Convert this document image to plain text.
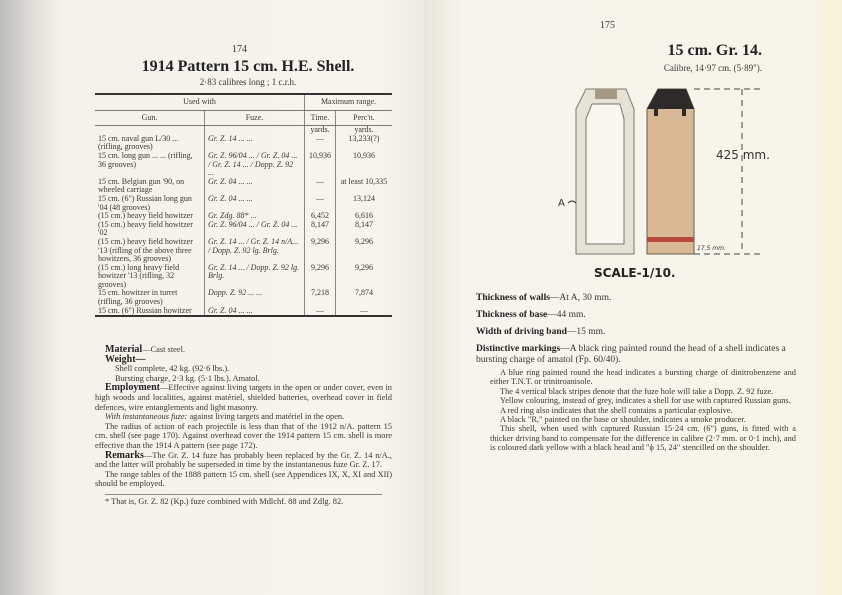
174
1914 Pattern 15 cm. H.E. Shell.
2·83 calibres long ; 1 c.r.h.
Used with		Maximum range.	
Gun.	Fuze.	Time.	Perc'n.
		yards.	yards.
15 cm. naval gun L/30 ... (rifling, grooves)	Gr. Z. 14 ... ...	—	13,233(?)
15 cm. long gun ... ... (rifling, 36 grooves)	Gr. Z. 96/04 ... / Gr. Z. 04 ... / Gr. Z. 14 ... / Dopp. Z. 92 ...	10,936	10,936
15 cm. Belgian gun '90, on wheeled carriage	Gr. Z. 04 ... ...	—	at least 10,335
15 cm. (6") Russian long gun '04 (48 grooves)	Gr. Z. 04 ... ...	—	13,124
(15 cm.) heavy field howitzer	Gr. Zdg. 88* ...	6,452	6,616
(15 cm.) heavy field howitzer '02	Gr. Z. 96/04 ... / Gr. Z. 04 ...	8,147	8,147
(15 cm.) heavy field howitzer '13 (rifling of the above three howitzers, 36 grooves)	Gr. Z. 14 ... / Gr. Z. 14 n/A... / Dopp. Z. 92 lg. Brlg.	9,296	9,296
(15 cm.) long heavy field howitzer '13 (rifling, 32 grooves)	Gr. Z. 14 ... / Dopp. Z. 92 lg. Brlg.	9,296	9,296
15 cm. howitzer in turret (rifling, 36 grooves)	Dopp. Z. 92 ... ...	7,218	7,874
15 cm. (6") Russian howitzer	Gr. Z. 04 ... ...	—	—

Material—Cast steel.

Weight—

Shell complete, 42 kg. (92·6 lbs.).

Bursting charge, 2·3 kg. (5·1 lbs.). Amatol.

Employment—Effective against living targets in the open or under cover, even in high woods and localities, against matériel, shielded batteries, overhead cover in field defences, wire entanglements and light masonry.

With instantaneous fuze: against living targets and matériel in the open.

The radius of action of each projectile is less than that of the 1912 n/A. pattern 15 cm. shell (see page 170). Against overhead cover the 1914 pattern 15 cm. shell is more effective than the 1914 A pattern (see page 172).

Remarks—The Gr. Z. 14 fuze has probably been replaced by the Gr. Z. 14 n/A., and the latter will probably be superseded in time by the instantaneous fuze Gr. Z. 17.

The range tables of the 1888 pattern 15 cm. shell (see Appendices IX, X, XI and XII) should be employed.

* That is, Gr. Z. 82 (Kp.) fuze combined with Mdlchf. 88 and Zdlg. 82.

175
15 cm. Gr. 14.
Calibre, 14·97 cm. (5·89").
425 mm.
17.5 mm.
A
SCALE-1/10.

Thickness of walls—At A, 30 mm.

Thickness of base—44 mm.

Width of driving band—15 mm.

Distinctive markings—A black ring painted round the head of a shell indicates a bursting charge of amatol (Fp. 60/40).

A blue ring painted round the head indicates a bursting charge of dinitrobenzene and either T.N.T. or trinitroanisole.

The 4 vertical black stripes denote that the fuze hole will take a Dopp. Z. 92 fuze.

Yellow colouring, instead of grey, indicates a shell for use with captured Russian guns.

A red ring also indicates that the shell contains a particular explosive.

A black "R," painted on the base or shoulder, indicates a smoke producer.

This shell, when used with captured Russian 15·24 cm. (6") guns, is fitted with a thicker driving band to compensate for the difference in calibre (2·7 mm. or 0·1 inch), and is coloured dark yellow with a black head and "ϕ 15, 24" stencilled on the shoulder.
